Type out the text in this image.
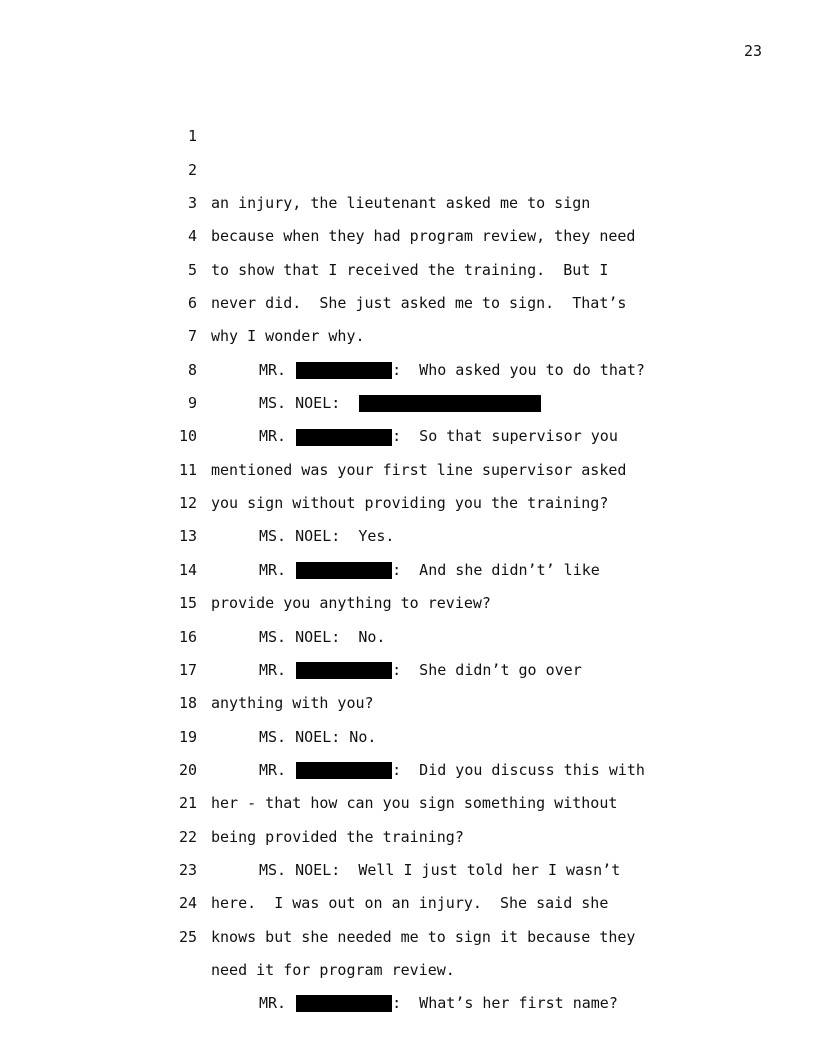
23

1

an injury, the lieutenant asked me to sign

2

because when they had program review, they need

3

to show that I received the training.  But I

4

never did.  She just asked me to sign.  That’s

5

why I wonder why.

6

MR.	:  Who asked you to do that?

7

MS. NOEL:

8

MR.	:  So that supervisor you

9

mentioned was your first line supervisor asked

10

you sign without providing you the training?

11

MS. NOEL:  Yes.

12

MR.	:  And she didn’t’ like

13

provide you anything to review?

14

MS. NOEL:  No.

15

MR.	:  She didn’t go over

16

anything with you?

17

MS. NOEL: No.

18

MR.	:  Did you discuss this with

19

her - that how can you sign something without

20

being provided the training?

21

MS. NOEL:  Well I just told her I wasn’t

22

here.  I was out on an injury.  She said she

23

knows but she needed me to sign it because they

24

need it for program review.

25

MR.	:  What’s her first name?
